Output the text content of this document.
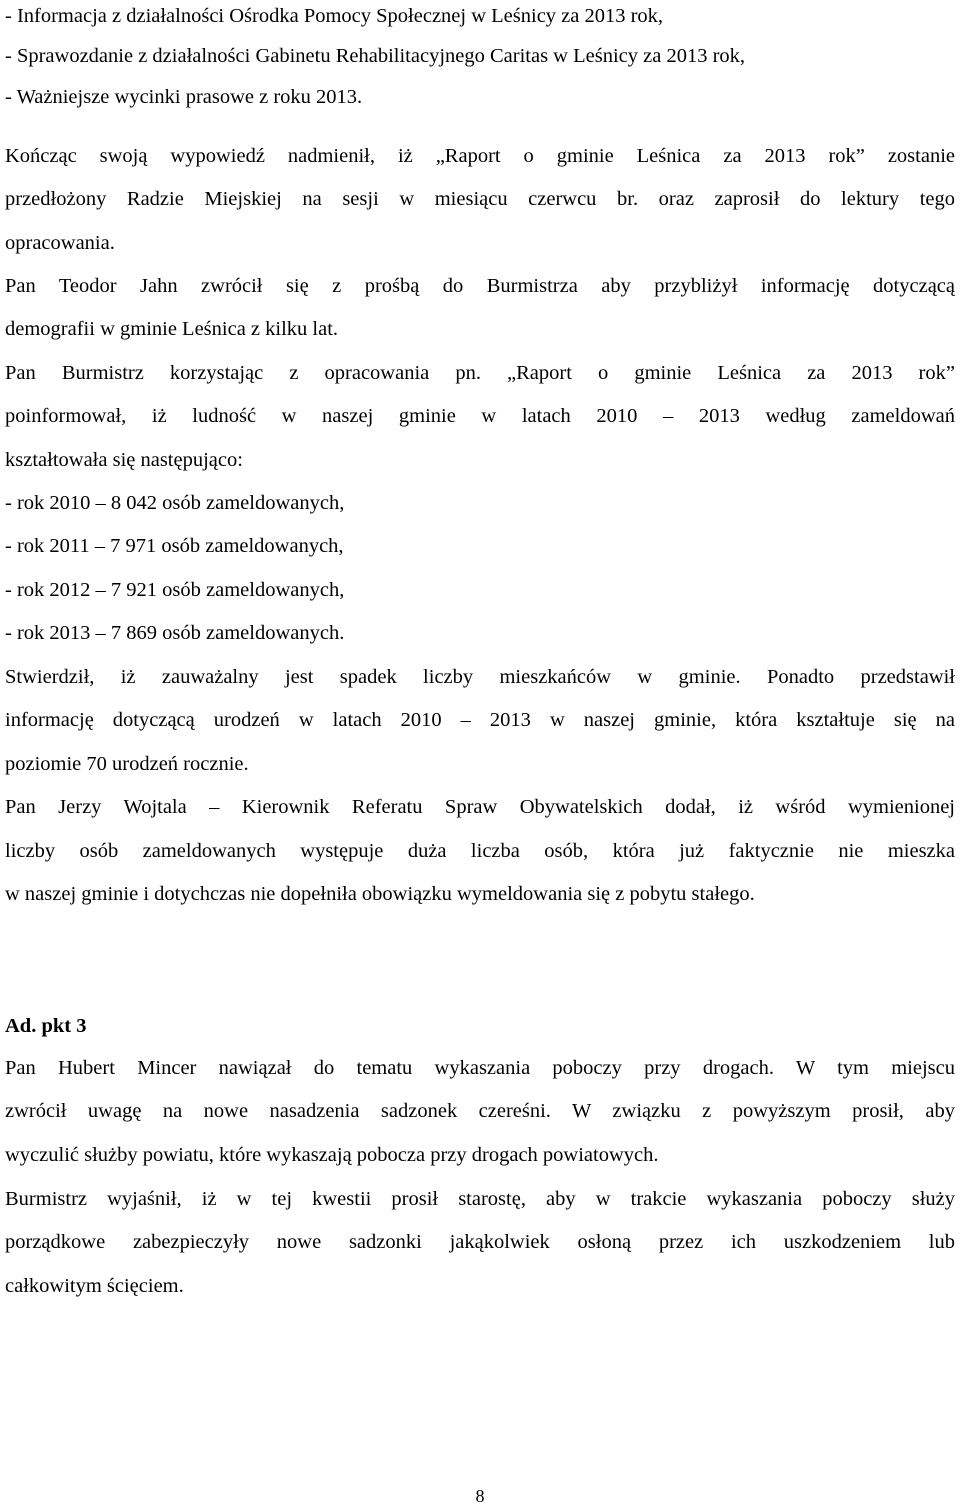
- Informacja z działalności Ośrodka Pomocy Społecznej w Leśnicy za 2013 rok,
- Sprawozdanie z działalności Gabinetu Rehabilitacyjnego Caritas w Leśnicy za 2013 rok,
- Ważniejsze wycinki prasowe z roku 2013.
Kończąc swoją wypowiedź nadmienił, iż „Raport o gminie Leśnica za 2013 rok” zostanie
przedłożony Radzie Miejskiej na sesji w miesiącu czerwcu br. oraz zaprosił do lektury tego
opracowania.
Pan Teodor Jahn zwrócił się z prośbą do Burmistrza aby przybliżył informację dotyczącą
demografii w gminie Leśnica z kilku lat.
Pan Burmistrz korzystając z opracowania pn. „Raport o gminie Leśnica za 2013 rok”
poinformował, iż ludność w naszej gminie w latach 2010 – 2013 według zameldowań
kształtowała się następująco:
- rok 2010 – 8 042 osób zameldowanych,
- rok 2011 – 7 971 osób zameldowanych,
- rok 2012 – 7 921 osób zameldowanych,
- rok 2013 – 7 869 osób zameldowanych.
Stwierdził, iż zauważalny jest spadek liczby mieszkańców w gminie. Ponadto przedstawił
informację dotyczącą urodzeń w latach 2010 – 2013 w naszej gminie, która kształtuje się na
poziomie 70 urodzeń rocznie.
Pan Jerzy Wojtala – Kierownik Referatu Spraw Obywatelskich dodał, iż wśród wymienionej
liczby osób zameldowanych występuje duża liczba osób, która już faktycznie nie mieszka
w naszej gminie i dotychczas nie dopełniła obowiązku wymeldowania się z pobytu stałego.
Ad. pkt 3
Pan Hubert Mincer nawiązał do tematu wykaszania poboczy przy drogach. W tym miejscu
zwrócił uwagę na nowe nasadzenia sadzonek czereśni. W związku z powyższym prosił, aby
wyczulić służby powiatu, które wykaszają pobocza przy drogach powiatowych.
Burmistrz wyjaśnił, iż w tej kwestii prosił starostę, aby w trakcie wykaszania poboczy służy
porządkowe zabezpieczyły nowe sadzonki jakąkolwiek osłoną przez ich uszkodzeniem lub
całkowitym ścięciem.
8
